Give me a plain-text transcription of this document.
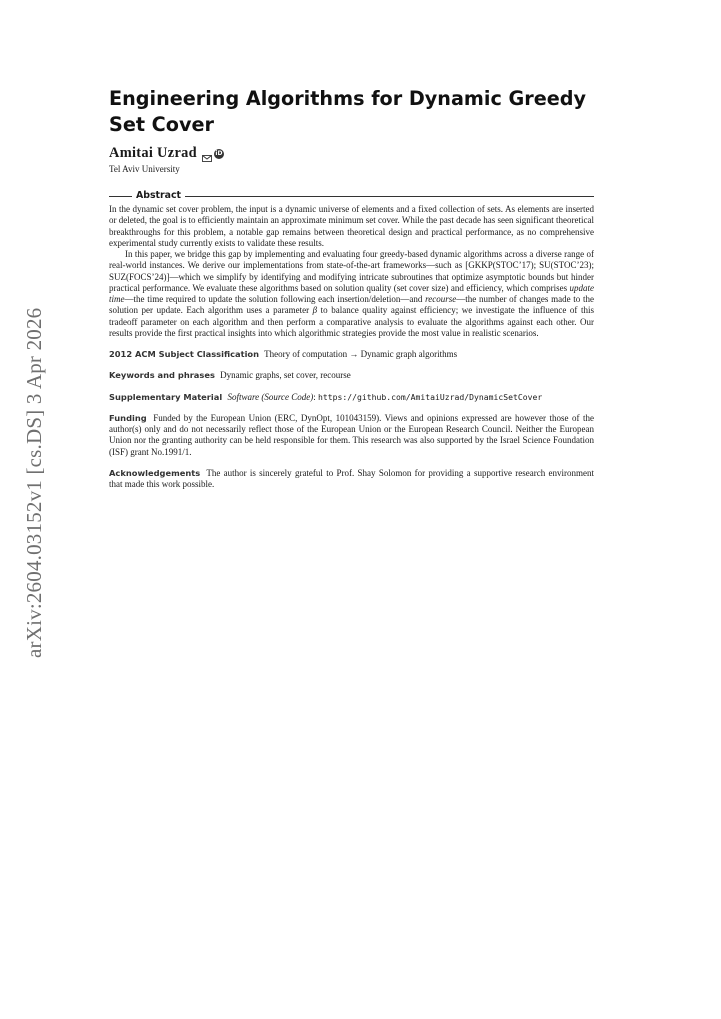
arXiv:2604.03152v1 [cs.DS] 3 Apr 2026
Engineering Algorithms for Dynamic Greedy Set Cover
Amitai Uzrad	iD
Tel Aviv University
Abstract

In the dynamic set cover problem, the input is a dynamic universe of elements and a fixed collection of sets. As elements are inserted or deleted, the goal is to efficiently maintain an approximate minimum set cover. While the past decade has seen significant theoretical breakthroughs for this problem, a notable gap remains between theoretical design and practical performance, as no comprehensive experimental study currently exists to validate these results.

In this paper, we bridge this gap by implementing and evaluating four greedy-based dynamic algorithms across a diverse range of real-world instances. We derive our implementations from state-of-the-art frameworks—such as [GKKP(STOC’17); SU(STOC’23); SUZ(FOCS’24)]—which we simplify by identifying and modifying intricate subroutines that optimize asymptotic bounds but hinder practical performance. We evaluate these algorithms based on solution quality (set cover size) and efficiency, which comprises update time—the time required to update the solution following each insertion/deletion—and recourse—the number of changes made to the solution per update. Each algorithm uses a parameter β to balance quality against efficiency; we investigate the influence of this tradeoff parameter on each algorithm and then perform a comparative analysis to evaluate the algorithms against each other. Our results provide the first practical insights into which algorithmic strategies provide the most value in realistic scenarios.

2012 ACM Subject Classification Theory of computation → Dynamic graph algorithms
Keywords and phrases Dynamic graphs, set cover, recourse
Supplementary Material Software (Source Code): https://github.com/AmitaiUzrad/DynamicSetCover
Funding Funded by the European Union (ERC, DynOpt, 101043159). Views and opinions expressed are however those of the author(s) only and do not necessarily reflect those of the European Union or the European Research Council. Neither the European Union nor the granting authority can be held responsible for them. This research was also supported by the Israel Science Foundation (ISF) grant No.1991/1.
Acknowledgements The author is sincerely grateful to Prof. Shay Solomon for providing a supportive research environment that made this work possible.
